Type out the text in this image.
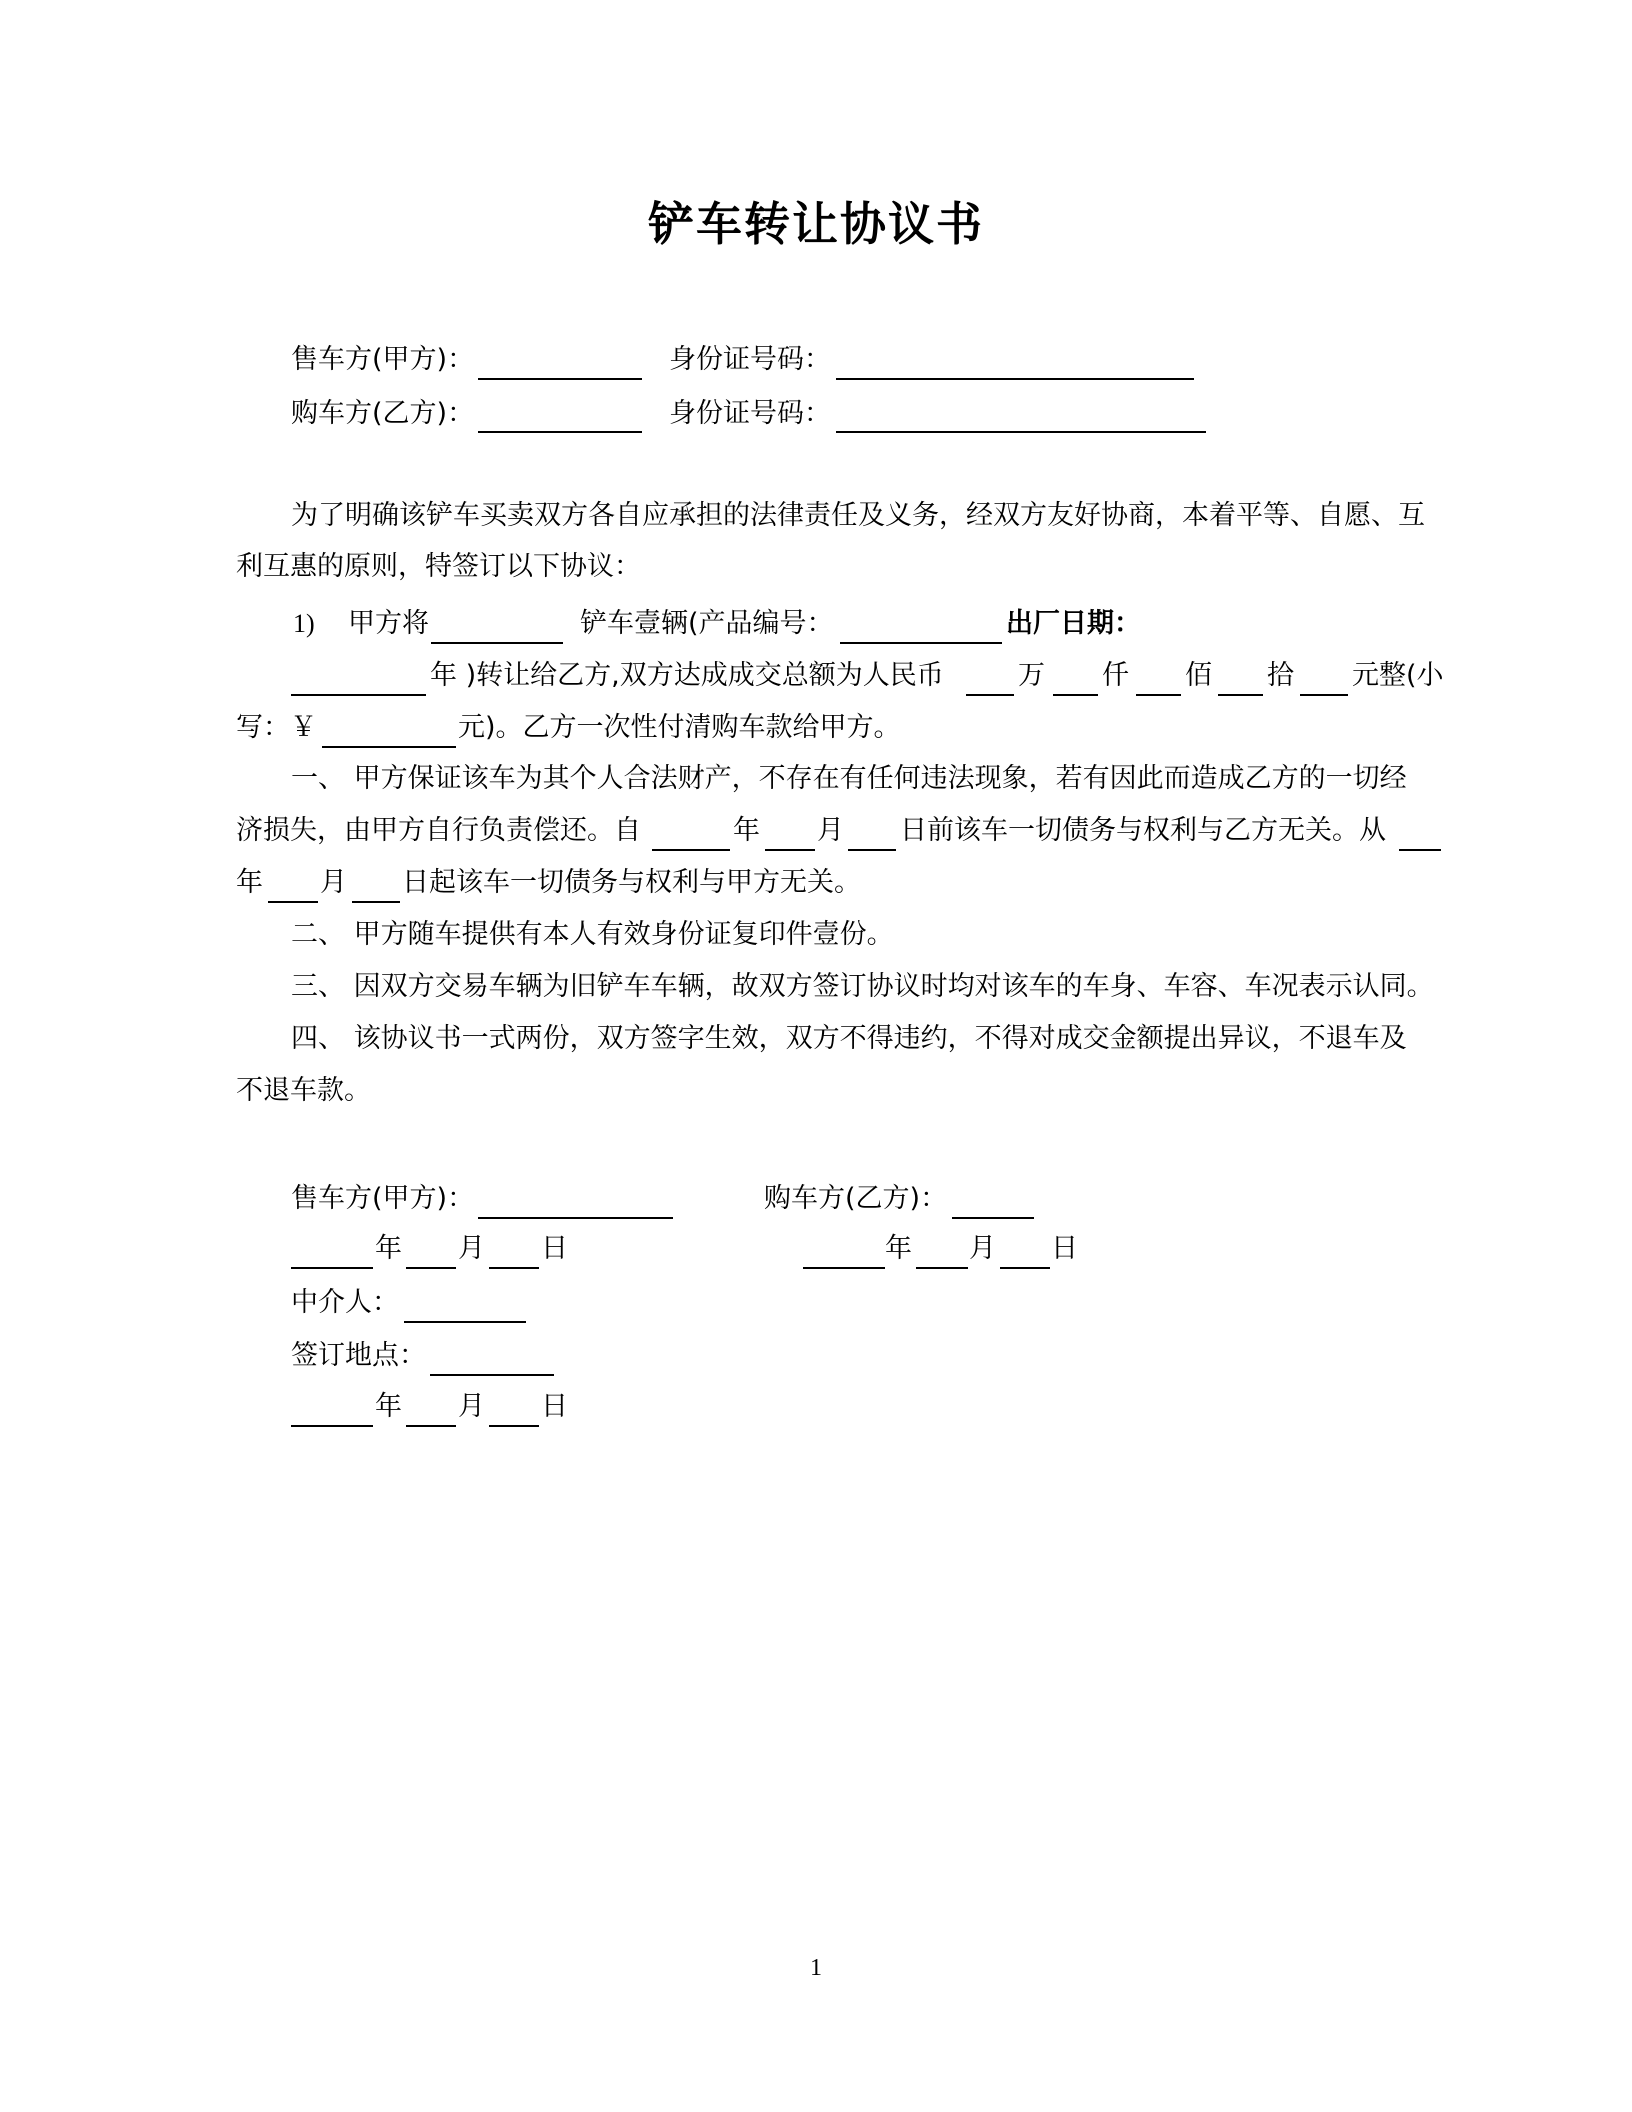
铲车转让协议书
售车方(甲方)：	身份证号码：
购车方(乙方)：	身份证号码：
为了明确该铲车买卖双方各自应承担的法律责任及义务，经双方友好协商，本着平等、自愿、互
利互惠的原则，特签订以下协议：
1) 甲方将	铲车壹辆(产品编号：	出厂日期：
年 )转让给乙方,双方达成成交总额为人民币	万 仟 佰 拾 元整(小
写：￥	元)。乙方一次性付清购车款给甲方。
一、 甲方保证该车为其个人合法财产，不存在有任何违法现象，若有因此而造成乙方的一切经
济损失，由甲方自行负责偿还。自	年 月 日前该车一切债务与权利与乙方无关。从
年 月 日起该车一切债务与权利与甲方无关。
二、 甲方随车提供有本人有效身份证复印件壹份。
三、 因双方交易车辆为旧铲车车辆，故双方签订协议时均对该车的车身、车容、车况表示认同。
四、 该协议书一式两份，双方签字生效，双方不得违约，不得对成交金额提出异议，不退车及
不退车款。
售车方(甲方)：	购车方(乙方)：
年 月 日	年 月 日
中介人：
签订地点：
年 月 日
1
